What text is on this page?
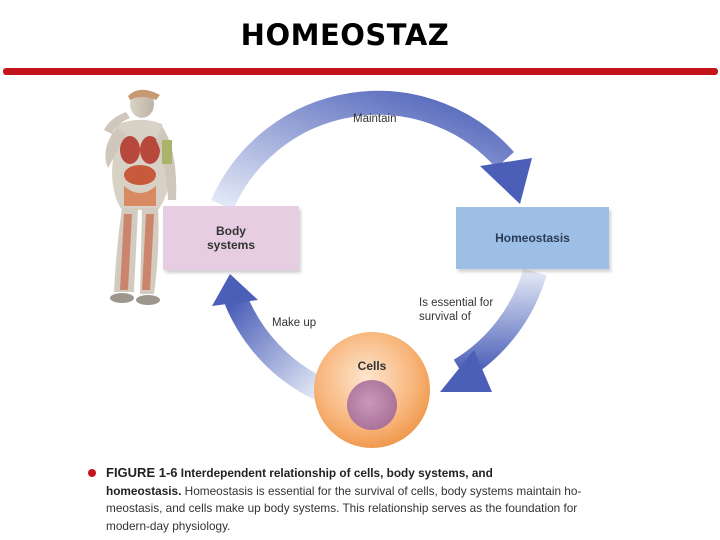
HOMEOSTAZ
Body
systems	Homeostasis
Maintain
Is essential for
survival of
Make up
Cells
FIGURE 1-6 Interdependent relationship of cells, body systems, and
homeostasis. Homeostasis is essential for the survival of cells, body systems maintain ho-
meostasis, and cells make up body systems. This relationship serves as the foundation for
modern-day physiology.
